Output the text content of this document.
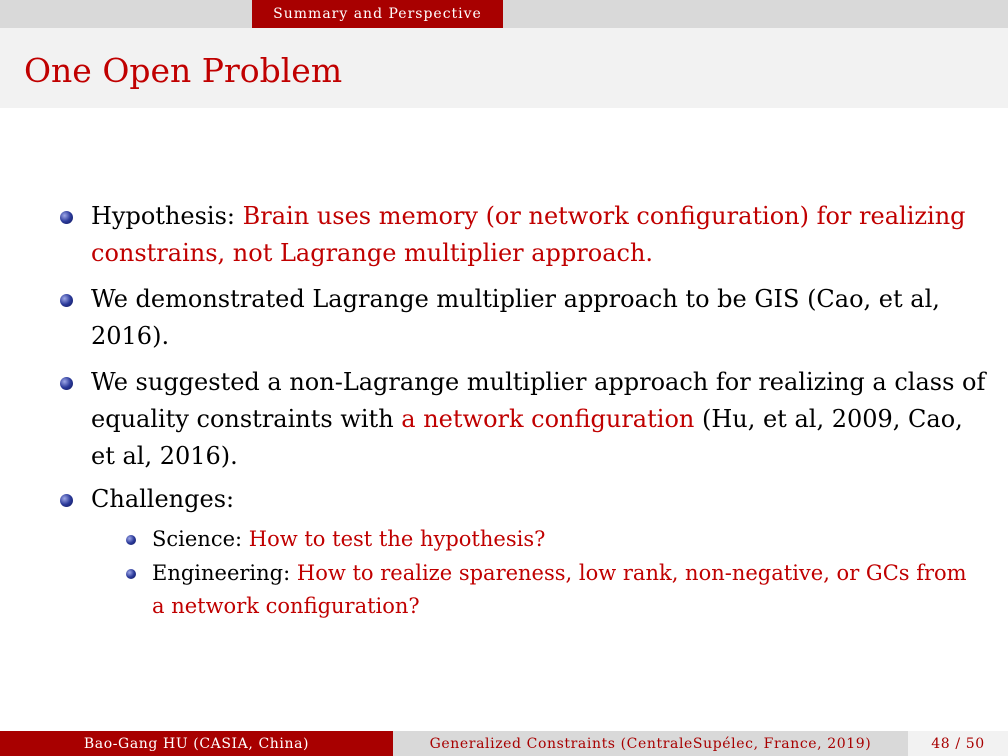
Summary and Perspective
One Open Problem
Hypothesis: Brain uses memory (or network configuration) for realizing constrains, not Lagrange multiplier approach.
We demonstrated Lagrange multiplier approach to be GIS (Cao, et al, 2016).
We suggested a non-Lagrange multiplier approach for realizing a class of equality constraints with a network configuration (Hu, et al, 2009, Cao, et al, 2016).
Challenges:
Science: How to test the hypothesis?
Engineering: How to realize spareness, low rank, non-negative, or GCs from a network configuration?
Bao-Gang HU (CASIA, China)	Generalized Constraints (CentraleSupélec, France, 2019)	48 / 50
